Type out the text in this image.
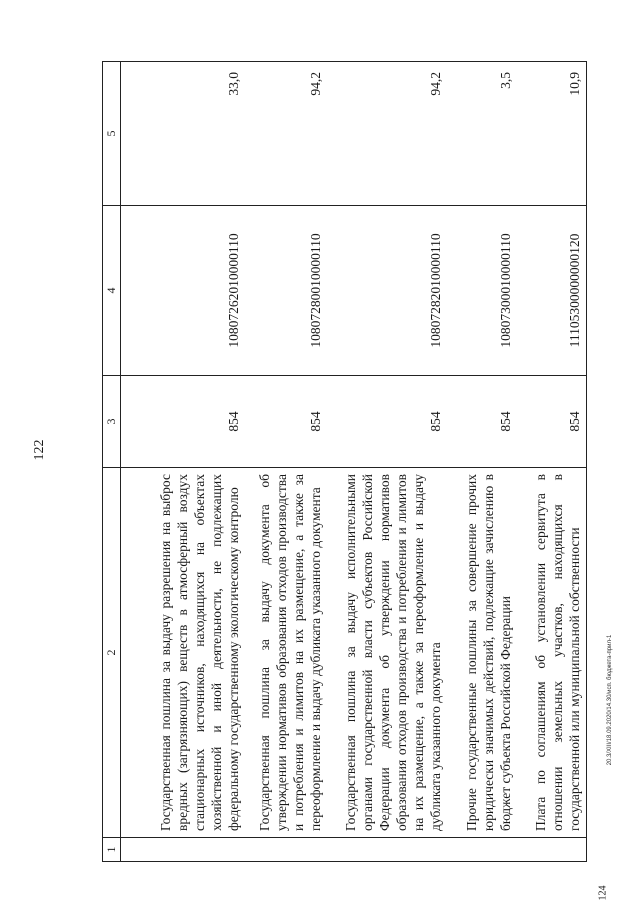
122
20.3/XIII/18.09.2020/14.30/исп. бюджета-прил-1
124
1	2	3	4	5
	Государственная пошлина за выдачу разрешения на выброс вредных (загрязняющих) веществ в атмосферный воздух стационарных источников, находящихся на объектах хозяйственной и иной деятельности, не подлежащих федеральному государственному экологическому контролю	854	10807262010000110	33,0
	Государственная пошлина за выдачу документа об утверждении нормативов образования отходов производства и потребления и лимитов на их размещение, а также за переоформление и выдачу дубликата указанного документа	854	10807280010000110	94,2
	Государственная пошлина за выдачу исполнительными органами государственной власти субъектов Российской Федерации документа об утверждении нормативов образования отходов производства и потребления и лимитов на их размещение, а также за переоформление и выдачу дубликата указанного документа	854	10807282010000110	94,2
	Прочие государственные пошлины за совершение прочих юридически значимых действий, подлежащие зачислению в бюджет субъекта Российской Федерации	854	10807300010000110	3,5
	Плата по соглашениям об установлении сервитута в отношении земельных участков, находящихся в государственной или муниципальной собственности	854	11105300000000120	10,9
